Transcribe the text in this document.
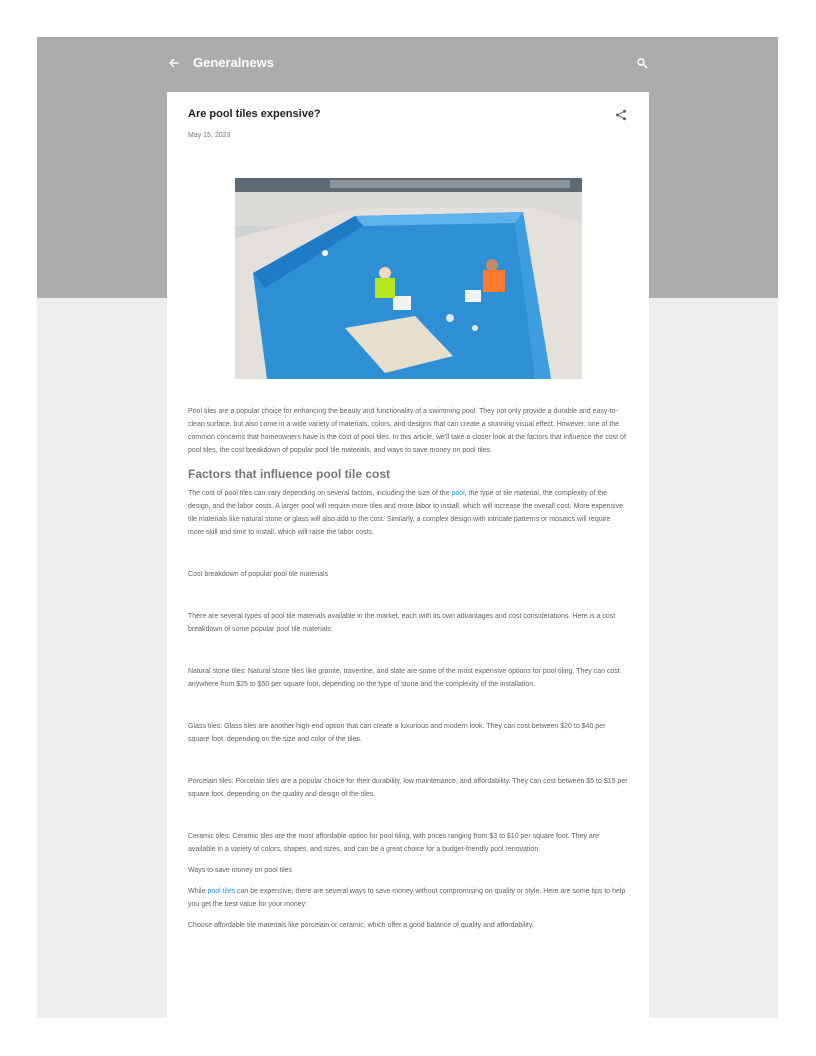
Generalnews
Are pool tiles expensive?
May 15, 2023

Pool tiles are a popular choice for enhancing the beauty and functionality of a swimming pool. They not only provide a durable and easy-to-clean surface, but also come in a wide variety of materials, colors, and designs that can create a stunning visual effect. However, one of the common concerns that homeowners have is the cost of pool tiles. In this article, we'll take a closer look at the factors that influence the cost of pool tiles, the cost breakdown of popular pool tile materials, and ways to save money on pool tiles.

Factors that influence pool tile cost

The cost of pool tiles can vary depending on several factors, including the size of the pool, the type of tile material, the complexity of the design, and the labor costs. A larger pool will require more tiles and more labor to install, which will increase the overall cost. More expensive tile materials like natural stone or glass will also add to the cost. Similarly, a complex design with intricate patterns or mosaics will require more skill and time to install, which will raise the labor costs.

Cost breakdown of popular pool tile materials

There are several types of pool tile materials available in the market, each with its own advantages and cost considerations. Here is a cost breakdown of some popular pool tile materials:

Natural stone tiles: Natural stone tiles like granite, travertine, and slate are some of the most expensive options for pool tiling. They can cost anywhere from $25 to $50 per square foot, depending on the type of stone and the complexity of the installation.

Glass tiles: Glass tiles are another high-end option that can create a luxurious and modern look. They can cost between $20 to $40 per square foot, depending on the size and color of the tiles.

Porcelain tiles: Porcelain tiles are a popular choice for their durability, low maintenance, and affordability. They can cost between $5 to $15 per square foot, depending on the quality and design of the tiles.

Ceramic tiles: Ceramic tiles are the most affordable option for pool tiling, with prices ranging from $3 to $10 per square foot. They are available in a variety of colors, shapes, and sizes, and can be a great choice for a budget-friendly pool renovation.

Ways to save money on pool tiles

While pool tiles can be expensive, there are several ways to save money without compromising on quality or style. Here are some tips to help you get the best value for your money:

Choose affordable tile materials like porcelain or ceramic, which offer a good balance of quality and affordability.
